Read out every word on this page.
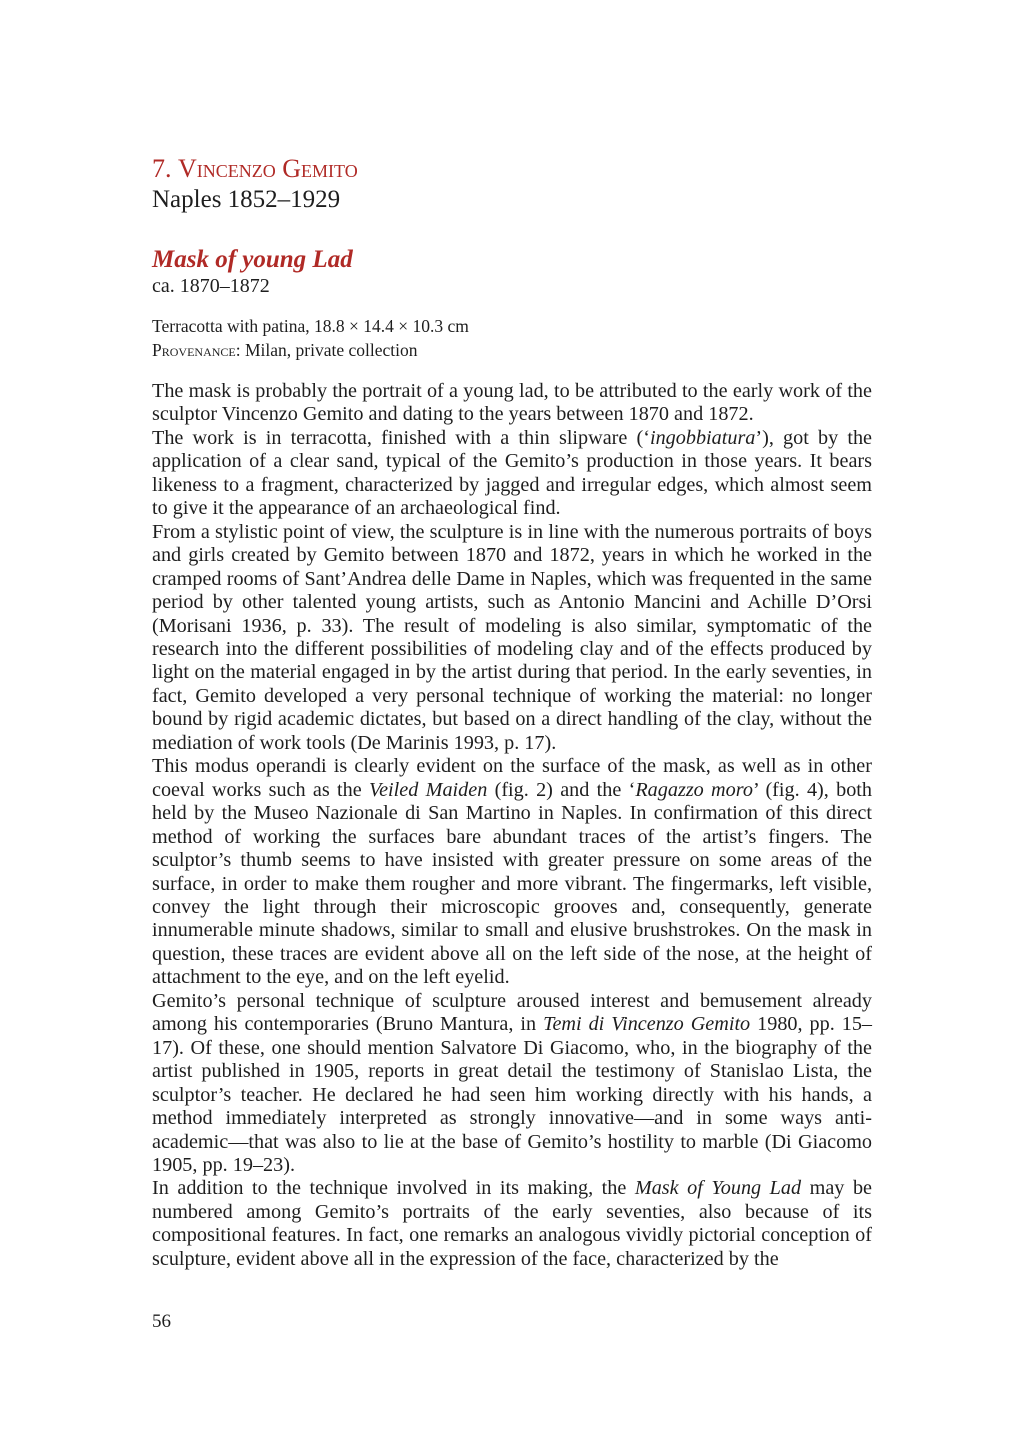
7. Vincenzo Gemito
Naples 1852–1929
Mask of young Lad
ca. 1870–1872
Terracotta with patina, 18.8 × 14.4 × 10.3 cm
Provenance: Milan, private collection

The mask is probably the portrait of a young lad, to be attributed to the early work of the sculptor Vincenzo Gemito and dating to the years between 1870 and 1872.

The work is in terracotta, finished with a thin slipware (‘ingobbiatura’), got by the application of a clear sand, typical of the Gemito’s production in those years. It bears likeness to a fragment, characterized by jagged and irregular edges, which almost seem to give it the appearance of an archaeological find.

From a stylistic point of view, the sculpture is in line with the numerous portraits of boys and girls created by Gemito between 1870 and 1872, years in which he worked in the cramped rooms of Sant’Andrea delle Dame in Naples, which was frequented in the same period by other talented young artists, such as Antonio Mancini and Achille D’Orsi (Morisani 1936, p. 33). The result of modeling is also similar, symptomatic of the research into the different possibilities of modeling clay and of the effects produced by light on the material engaged in by the artist during that period. In the early seventies, in fact, Gemito developed a very personal technique of working the material: no longer bound by rigid academic dictates, but based on a direct handling of the clay, without the mediation of work tools (De Marinis 1993, p. 17).

This modus operandi is clearly evident on the surface of the mask, as well as in other coeval works such as the Veiled Maiden (fig. 2) and the ‘Ragazzo moro’ (fig. 4), both held by the Museo Nazionale di San Martino in Naples. In confirmation of this direct method of working the surfaces bare abundant traces of the artist’s fingers. The sculptor’s thumb seems to have insisted with greater pressure on some areas of the surface, in order to make them rougher and more vibrant. The fingermarks, left visible, convey the light through their microscopic grooves and, consequently, generate innumerable minute shadows, similar to small and elusive brushstrokes. On the mask in question, these traces are evident above all on the left side of the nose, at the height of attachment to the eye, and on the left eyelid.

Gemito’s personal technique of sculpture aroused interest and bemusement already among his contemporaries (Bruno Mantura, in Temi di Vincenzo Gemito 1980, pp. 15–17). Of these, one should mention Salvatore Di Giacomo, who, in the biography of the artist published in 1905, reports in great detail the testimony of Stanislao Lista, the sculptor’s teacher. He declared he had seen him working directly with his hands, a method immediately interpreted as strongly innovative—and in some ways anti-academic—that was also to lie at the base of Gemito’s hostility to marble (Di Giacomo 1905, pp. 19–23).

In addition to the technique involved in its making, the Mask of Young Lad may be numbered among Gemito’s portraits of the early seventies, also because of its compositional features. In fact, one remarks an analogous vividly pictorial conception of sculpture, evident above all in the expression of the face, characterized by the

56
